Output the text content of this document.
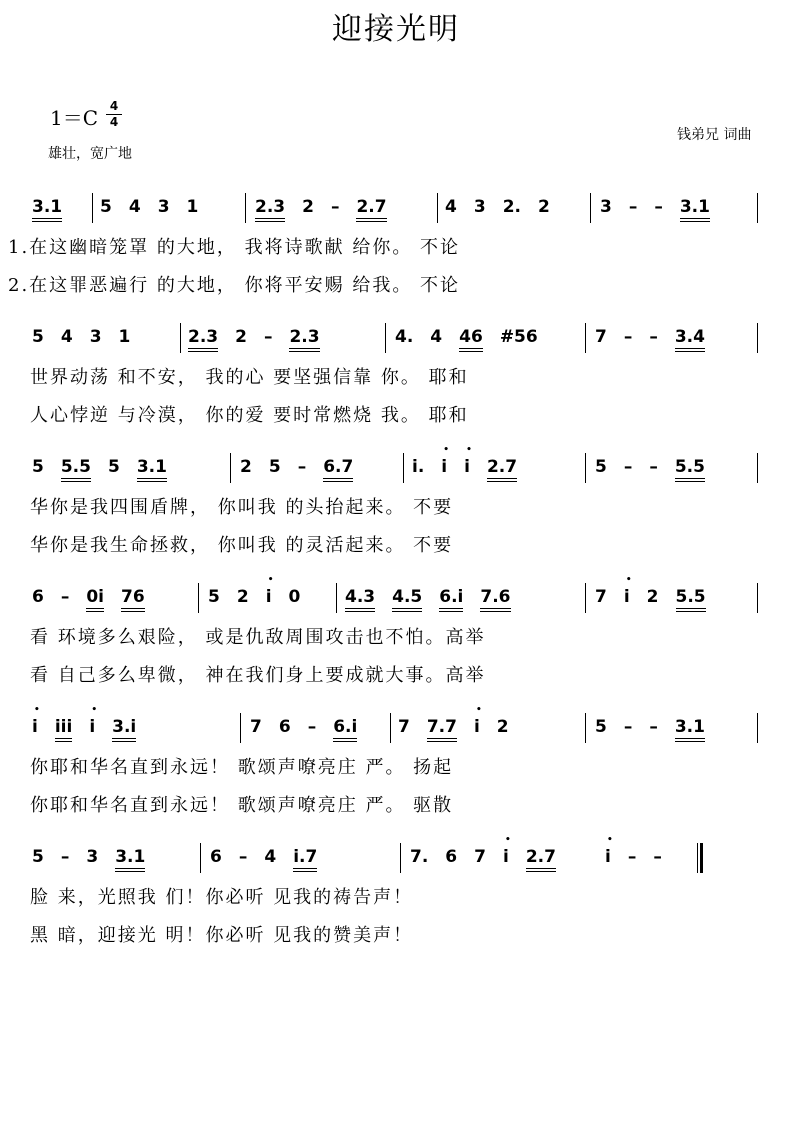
迎接光明
1＝C 4
4
雄壮，宽广地
钱弟兄 词曲
3.1 5  4  3  1	2.3  2  –  2.7	4  3  2.  2	3  –  –  3.1
1.在这幽暗笼罩 的大地， 我将诗歌献 给你。 不论
2.在这罪恶遍行 的大地， 你将平安赐 给我。 不论
5  4  3  1	2.3  2  –  2.3	4.  4  46  #56	7  –  –  3.4
世界动荡 和不安， 我的心 要坚强信靠 你。 耶和
人心悖逆 与冷漠， 你的爱 要时常燃烧 我。 耶和
5  5.5  5  3.1	2  5  –  6.7	i.  • i  • i  2.7	5  –  –  5.5
华你是我四围盾牌， 你叫我 的头抬起来。 不要
华你是我生命拯救， 你叫我 的灵活起来。 不要
6  –  0i  76	5  2  • i  0	4.3  4.5  6.i  7.6	7  • i  2  5.5
看 环境多么艰险， 或是仇敌周围攻击也不怕。高举
看 自己多么卑微， 神在我们身上要成就大事。高举
• i  iii  • i  3.i	7  6  –  6.i 7  7.7  • i  2	5  –  –  3.1
你耶和华名直到永远！ 歌颂声嘹亮庄 严。 扬起
你耶和华名直到永远！ 歌颂声嘹亮庄 严。 驱散
5  –  3  3.1	6  –  4  i.7	7.  6  7  • i  2.7	• i  –  –
脸 来，光照我 们！你必听 见我的祷告声！
黑 暗，迎接光 明！你必听 见我的赞美声！
